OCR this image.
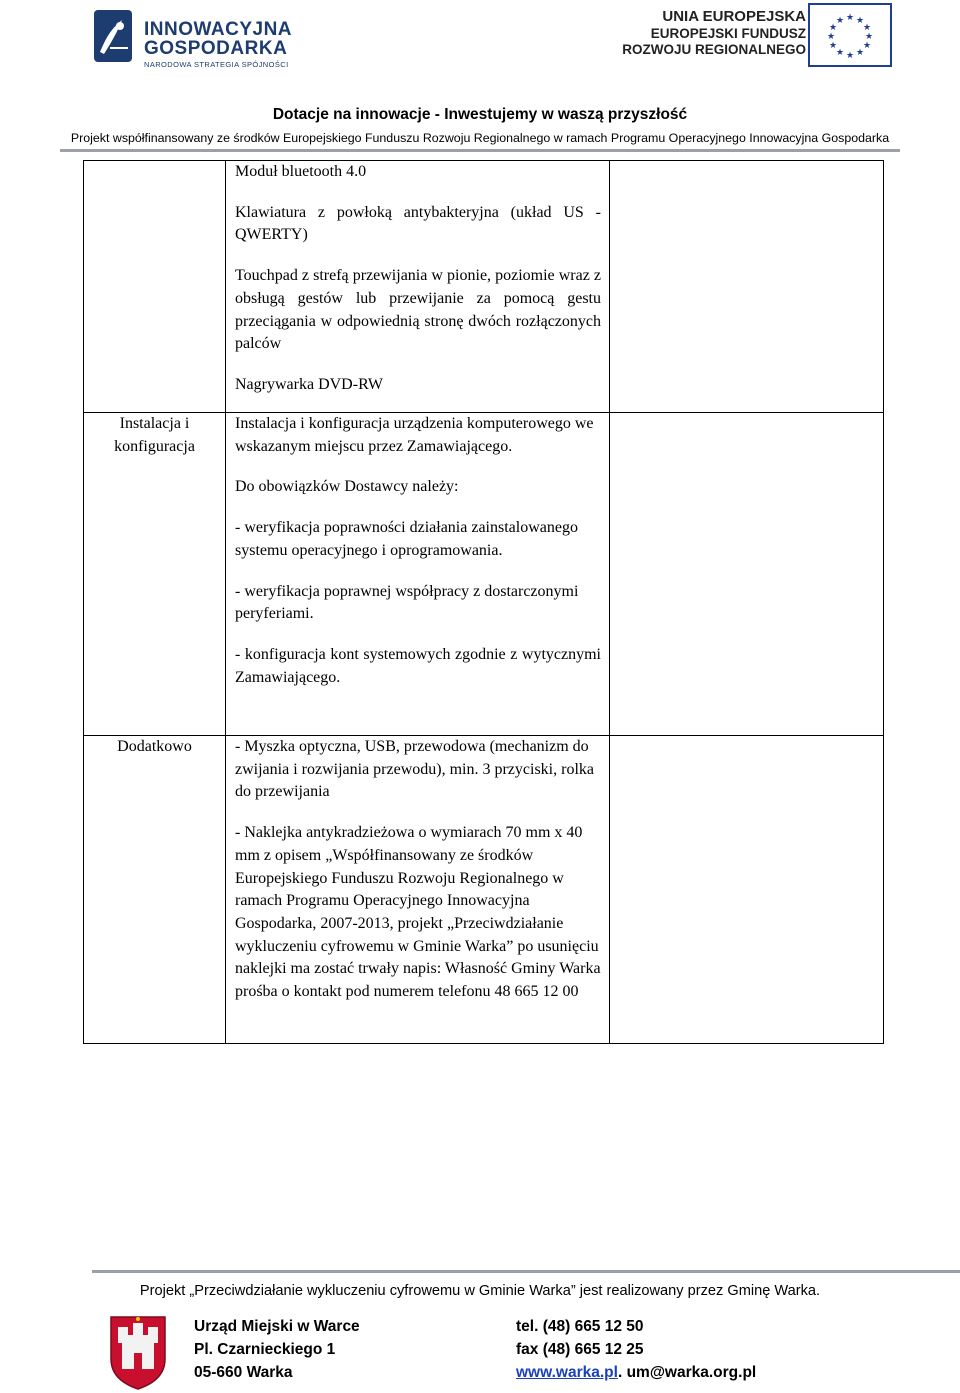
INNOWACYJNA
GOSPODARKA
NARODOWA STRATEGIA SPÓJNOŚCI
UNIA EUROPEJSKA
EUROPEJSKI FUNDUSZ
ROZWOJU REGIONALNEGO
★ ★
★
★
★
★
★
★
★
★
★
★
Dotacje na innowacje - Inwestujemy w waszą przyszłość
Projekt współfinansowany ze środków Europejskiego Funduszu Rozwoju Regionalnego w ramach Programu Operacyjnego Innowacyjna Gospodarka

Moduł bluetooth 4.0

Klawiatura z powłoką antybakteryjna (układ US - QWERTY)

Touchpad z strefą przewijania w pionie, poziomie wraz z obsługą gestów lub przewijanie za pomocą gestu przeciągania w odpowiednią stronę dwóch rozłączonych palców

Nagrywarka DVD-RW

Instalacja i konfiguracja

Instalacja i konfiguracja urządzenia komputerowego we wskazanym miejscu przez Zamawiającego.

Do obowiązków Dostawcy należy:

- weryfikacja poprawności działania zainstalowanego systemu operacyjnego i oprogramowania.

- weryfikacja poprawnej współpracy z dostarczonymi peryferiami.

- konfiguracja kont systemowych zgodnie z wytycznymi Zamawiającego.

Dodatkowo	- Myszka optyczna, USB, przewodowa (mechanizm do zwijania i rozwijania przewodu), min. 3 przyciski, rolka do przewijania

- Naklejka antykradzieżowa o wymiarach 70 mm x 40 mm z opisem „Współfinansowany ze środków Europejskiego Funduszu Rozwoju Regionalnego w ramach Programu Operacyjnego Innowacyjna Gospodarka, 2007-2013, projekt „Przeciwdziałanie wykluczeniu cyfrowemu w Gminie Warka” po usunięciu naklejki ma zostać trwały napis: Własność Gminy Warka prośba o kontakt pod numerem telefonu 48 665 12 00

Projekt „Przeciwdziałanie wykluczeniu cyfrowemu w Gminie Warka” jest realizowany przez Gminę Warka.
Urząd Miejski w Warce
Pl. Czarnieckiego 1
05-660 Warka
tel. (48) 665 12 50
fax (48) 665 12 25
www.warka.pl. um@warka.org.pl
